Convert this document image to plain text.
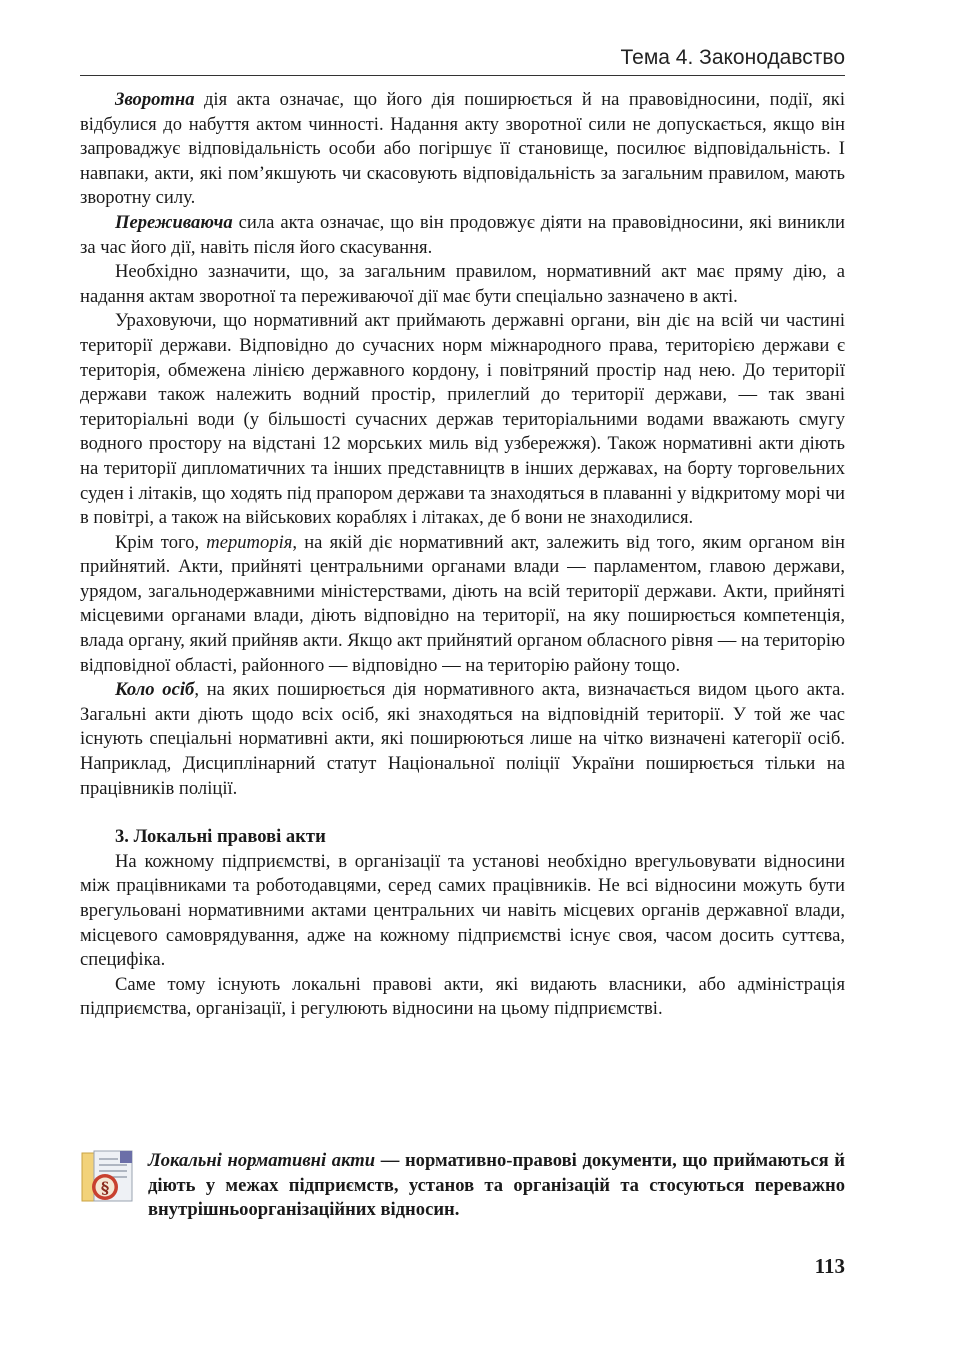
Тема 4. Законодавство

Зворотна дія акта означає, що його дія поширюється й на правовідносини, події, які відбулися до набуття актом чинності. Надання акту зворотної сили не допускається, якщо він запроваджує відповідальність особи або погіршує її становище, посилює відповідальність. І навпаки, акти, які пом’якшують чи скасовують відповідальність за загальним правилом, мають зворотну силу.

Переживаюча сила акта означає, що він продовжує діяти на правовідносини, які виникли за час його дії, навіть після його скасування.

Необхідно зазначити, що, за загальним правилом, нормативний акт має пряму дію, а надання актам зворотної та переживаючої дії має бути спеціально зазначено в акті.

Ураховуючи, що нормативний акт приймають державні органи, він діє на всій чи частині території держави. Відповідно до сучасних норм міжнародного права, територією держави є територія, обмежена лінією державного кордону, і повітряний простір над нею. До території держави також належить водний простір, прилеглий до території держави, — так звані територіальні води (у більшості сучасних держав територіальними водами вважають смугу водного простору на відстані 12 морських миль від узбережжя). Також нормативні акти діють на території дипломатичних та інших представництв в інших державах, на борту торговельних суден і літаків, що ходять під прапором держави та знаходяться в плаванні у відкритому морі чи в повітрі, а також на військових кораблях і літаках, де б вони не знаходилися.

Крім того, територія, на якій діє нормативний акт, залежить від того, яким органом він прийнятий. Акти, прийняті центральними органами влади — парламентом, главою держави, урядом, загальнодержавними міністерствами, діють на всій території держави. Акти, прийняті місцевими органами влади, діють відповідно на території, на яку поширюється компетенція, влада органу, який прийняв акти. Якщо акт прийнятий органом обласного рівня — на територію відповідної області, районного — відповідно — на територію району тощо.

Коло осіб, на яких поширюється дія нормативного акта, визначається видом цього акта. Загальні акти діють щодо всіх осіб, які знаходяться на відповідній території. У той же час існують спеціальні нормативні акти, які поширюються лише на чітко визначені категорії осіб. Наприклад, Дисциплінарний статут Національної поліції України поширюється тільки на працівників поліції.

3. Локальні правові акти

На кожному підприємстві, в організації та установі необхідно врегульовувати відносини між працівниками та роботодавцями, серед самих працівників. Не всі відносини можуть бути врегульовані нормативними актами центральних чи навіть місцевих органів державної влади, місцевого самоврядування, адже на кожному підприємстві існує своя, часом досить суттєва, специфіка.

Саме тому існують локальні правові акти, які видають власники, або адміністрація підприємства, організації, і регулюють відносини на цьому підприємстві.

§

Локальні нормативні акти — нормативно-правові документи, що приймаються й діють у межах підприємств, установ та організацій та стосуються переважно внутрішньоорганізаційних відносин.

113
